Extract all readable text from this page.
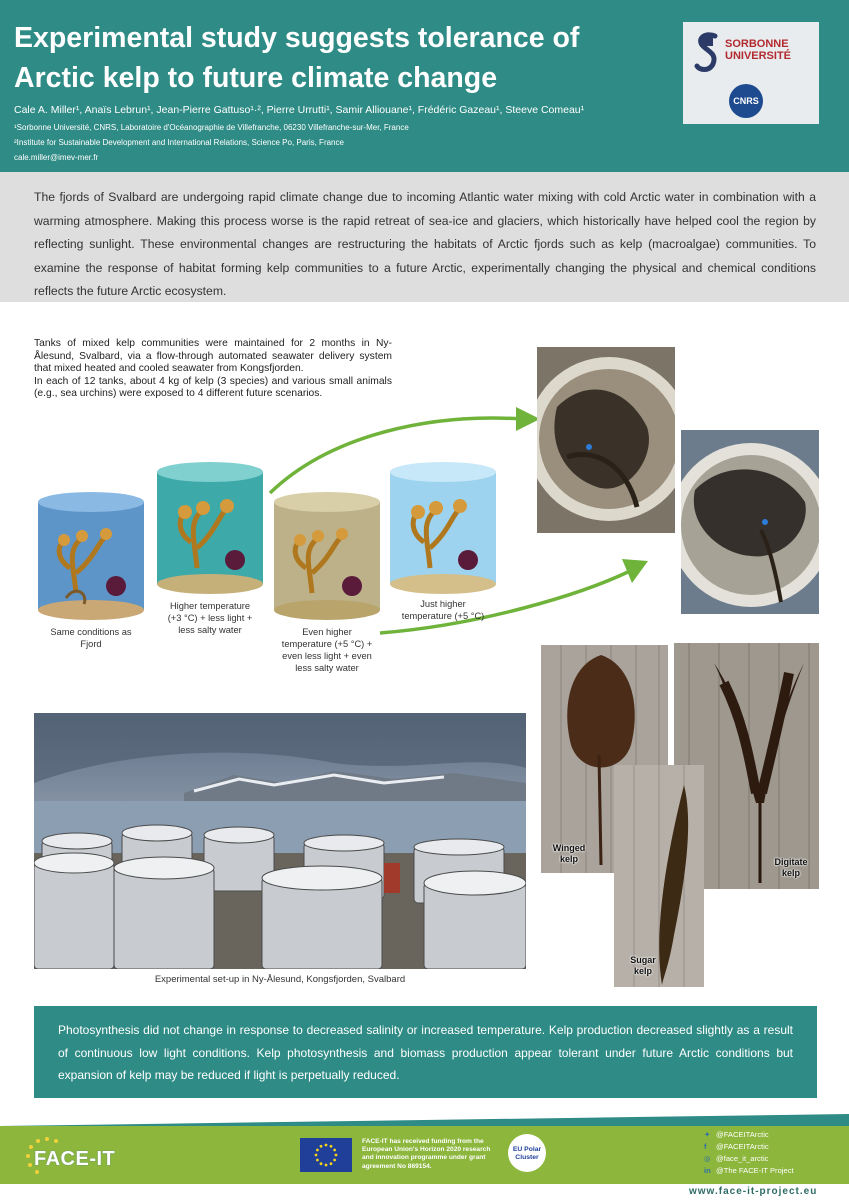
Experimental study suggests tolerance of Arctic kelp to future climate change
Cale A. Miller¹, Anaïs Lebrun¹, Jean-Pierre Gattuso¹·², Pierre Urrutti¹, Samir Alliouane¹, Frédéric Gazeau¹, Steeve Comeau¹
¹Sorbonne Université, CNRS, Laboratoire d'Océanographie de Villefranche, 06230 Villefranche-sur-Mer, France
²Institute for Sustainable Development and International Relations, Science Po, Paris, France
cale.miller@imev-mer.fr
SORBONNE UNIVERSITÉ
CNRS

The fjords of Svalbard are undergoing rapid climate change due to incoming Atlantic water mixing with cold Arctic water in combination with a warming atmosphere. Making this process worse is the rapid retreat of sea-ice and glaciers, which historically have helped cool the region by reflecting sunlight. These environmental changes are restructuring the habitats of Arctic fjords such as kelp (macroalgae) communities. To examine the response of habitat forming kelp communities to a future Arctic, experimentally changing the physical and chemical conditions reflects the future Arctic ecosystem.

Tanks of mixed kelp communities were maintained for 2 months in Ny-Ålesund, Svalbard, via a flow-through automated seawater delivery system that mixed heated and cooled seawater from Kongsfjorden.

In each of 12 tanks, about 4 kg of kelp (3 species) and various small animals (e.g., sea urchins) were exposed to 4 different future scenarios.

Same conditions as
Fjord
Higher temperature
(+3 °C) + less light +
less salty water	Even higher
temperature (+5 °C) +
even less light + even
less salty water
Just higher
temperature (+5 °C)
Experimental set-up in Ny-Ålesund, Kongsfjorden, Svalbard
Winged
kelp	Digitate
kelp
Sugar
kelp

Photosynthesis did not change in response to decreased salinity or increased temperature. Kelp production decreased slightly as a result of continuous low light conditions. Kelp photosynthesis and biomass production appear tolerant under future Arctic conditions but expansion of kelp may be reduced if light is perpetually reduced.

FACE-IT
FACE-IT has received funding from the European Union's Horizon 2020 research and innovation programme under grant agreement No 869154.
EU Polar Cluster
✦ @FACEITArctic
f @FACEITArctic
◎ @face_it_arctic
in @The FACE-IT Project
www.face-it-project.eu
